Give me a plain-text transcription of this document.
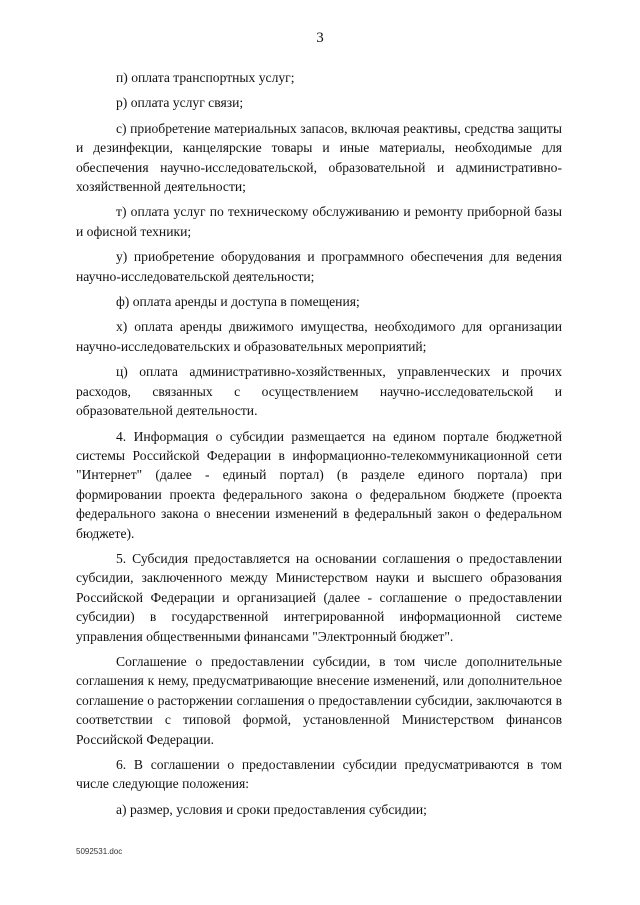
3

п) оплата транспортных услуг;

р) оплата услуг связи;

с) приобретение материальных запасов, включая реактивы, средства защиты и дезинфекции, канцелярские товары и иные материалы, необходимые для обеспечения научно-исследовательской, образовательной и административно-хозяйственной деятельности;

т) оплата услуг по техническому обслуживанию и ремонту приборной базы и офисной техники;

у) приобретение оборудования и программного обеспечения для ведения научно-исследовательской деятельности;

ф) оплата аренды и доступа в помещения;

х) оплата аренды движимого имущества, необходимого для организации научно-исследовательских и образовательных мероприятий;

ц) оплата административно-хозяйственных, управленческих и прочих расходов, связанных с осуществлением научно-исследовательской и образовательной деятельности.

4. Информация о субсидии размещается на едином портале бюджетной системы Российской Федерации в информационно-телекоммуникационной сети "Интернет" (далее - единый портал) (в разделе единого портала) при формировании проекта федерального закона о федеральном бюджете (проекта федерального закона о внесении изменений в федеральный закон о федеральном бюджете).

5. Субсидия предоставляется на основании соглашения о предоставлении субсидии, заключенного между Министерством науки и высшего образования Российской Федерации и организацией (далее - соглашение о предоставлении субсидии) в государственной интегрированной информационной системе управления общественными финансами "Электронный бюджет".

Соглашение о предоставлении субсидии, в том числе дополнительные соглашения к нему, предусматривающие внесение изменений, или дополнительное соглашение о расторжении соглашения о предоставлении субсидии, заключаются в соответствии с типовой формой, установленной Министерством финансов Российской Федерации.

6. В соглашении о предоставлении субсидии предусматриваются в том числе следующие положения:

а) размер, условия и сроки предоставления субсидии;

5092531.doc
